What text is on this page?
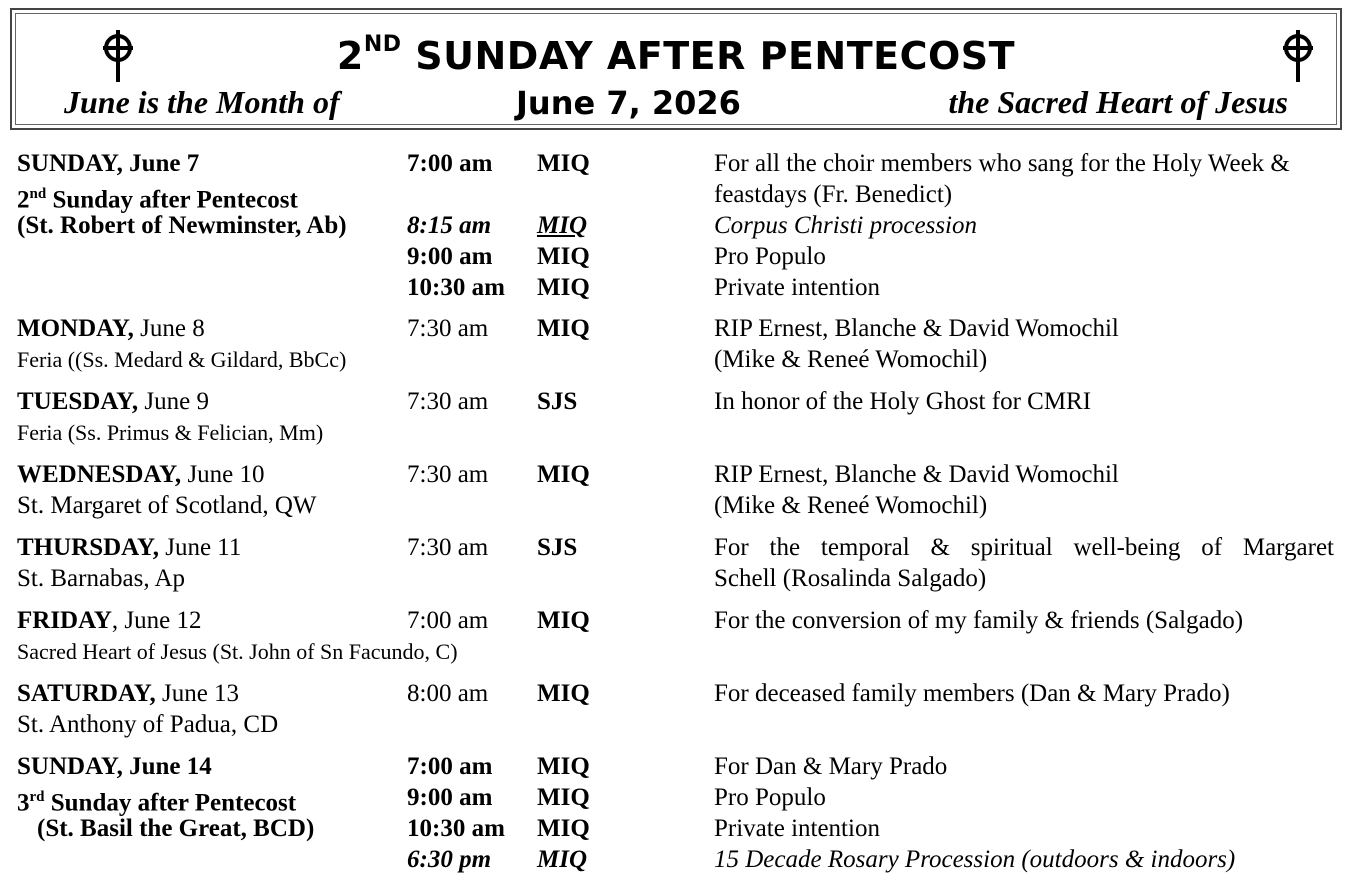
2ND SUNDAY AFTER PENTECOST
June is the Month of	June 7, 2026	the Sacred Heart of Jesus
SUNDAY, June 7	7:00 am MIQ	For all the choir members who sang for the Holy Week &
2nd Sunday after Pentecost	feastdays (Fr. Benedict)
(St. Robert of Newminster, Ab) 8:15 am MIQ	Corpus Christi procession
9:00 am MIQ	Pro Populo
10:30 am MIQ	Private intention
MONDAY, June 8	7:30 am MIQ	RIP Ernest, Blanche & David Womochil
Feria ((Ss. Medard & Gildard, BbCc)	(Mike & Reneé Womochil)
TUESDAY, June 9	7:30 am SJS	In honor of the Holy Ghost for CMRI
Feria (Ss. Primus & Felician, Mm)
WEDNESDAY, June 10	7:30 am MIQ	RIP Ernest, Blanche & David Womochil
St. Margaret of Scotland, QW	(Mike & Reneé Womochil)
THURSDAY, June 11	7:30 am SJS	For the temporal & spiritual well-being of Margaret
St. Barnabas, Ap	Schell (Rosalinda Salgado)
FRIDAY, June 12	7:00 am MIQ	For the conversion of my family & friends (Salgado)
Sacred Heart of Jesus (St. John of Sn Facundo, C)
SATURDAY, June 13	8:00 am MIQ	For deceased family members (Dan & Mary Prado)
St. Anthony of Padua, CD
SUNDAY, June 14	7:00 am MIQ	For Dan & Mary Prado
3rd Sunday after Pentecost	9:00 am MIQ	Pro Populo
(St. Basil the Great, BCD)	10:30 am MIQ	Private intention
6:30 pm MIQ	15 Decade Rosary Procession (outdoors & indoors)
